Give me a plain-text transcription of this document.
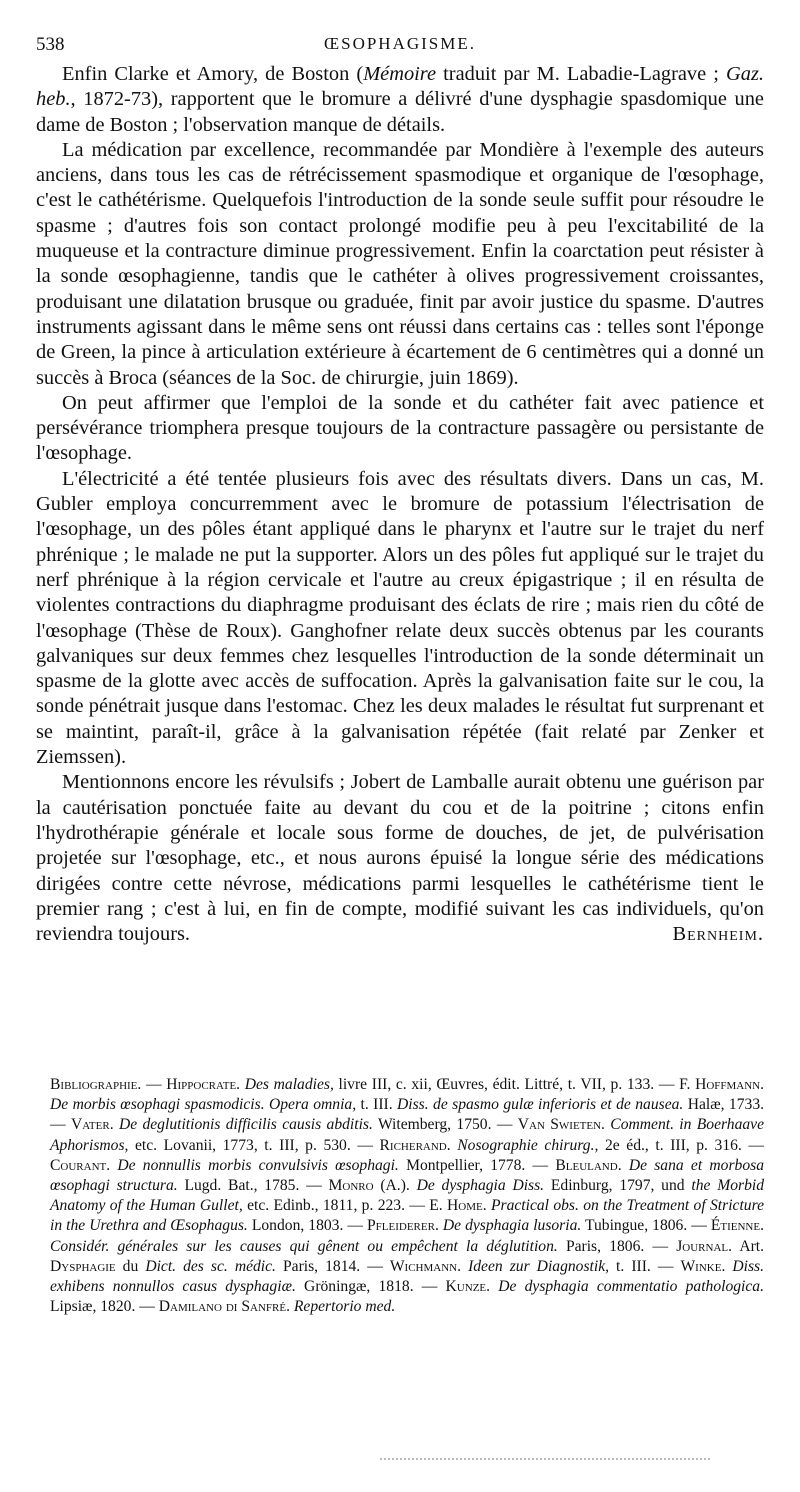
538	ŒSOPHAGISME.

Enfin Clarke et Amory, de Boston (Mémoire traduit par M. Labadie-Lagrave ; Gaz. heb., 1872-73), rapportent que le bromure a délivré d'une dysphagie spasdomique une dame de Boston ; l'observation manque de détails.

La médication par excellence, recommandée par Mondière à l'exemple des auteurs anciens, dans tous les cas de rétrécissement spasmodique et organique de l'œsophage, c'est le cathétérisme. Quelquefois l'introduction de la sonde seule suffit pour résoudre le spasme ; d'autres fois son contact prolongé modifie peu à peu l'excitabilité de la muqueuse et la contracture diminue progressivement. Enfin la coarctation peut résister à la sonde œsophagienne, tandis que le cathéter à olives progressivement croissantes, produisant une dilatation brusque ou graduée, finit par avoir justice du spasme. D'autres instruments agissant dans le même sens ont réussi dans certains cas : telles sont l'éponge de Green, la pince à articulation extérieure à écartement de 6 centimètres qui a donné un succès à Broca (séances de la Soc. de chirurgie, juin 1869).

On peut affirmer que l'emploi de la sonde et du cathéter fait avec patience et persévérance triomphera presque toujours de la contracture passagère ou persistante de l'œsophage.

L'électricité a été tentée plusieurs fois avec des résultats divers. Dans un cas, M. Gubler employa concurremment avec le bromure de potassium l'électrisation de l'œsophage, un des pôles étant appliqué dans le pharynx et l'autre sur le trajet du nerf phrénique ; le malade ne put la supporter. Alors un des pôles fut appliqué sur le trajet du nerf phrénique à la région cervicale et l'autre au creux épigastrique ; il en résulta de violentes contractions du diaphragme produisant des éclats de rire ; mais rien du côté de l'œsophage (Thèse de Roux). Ganghofner relate deux succès obtenus par les courants galvaniques sur deux femmes chez lesquelles l'introduction de la sonde déterminait un spasme de la glotte avec accès de suffocation. Après la galvanisation faite sur le cou, la sonde pénétrait jusque dans l'estomac. Chez les deux malades le résultat fut surprenant et se maintint, paraît-il, grâce à la galvanisation répétée (fait relaté par Zenker et Ziemssen).

Mentionnons encore les révulsifs ; Jobert de Lamballe aurait obtenu une guérison par la cautérisation ponctuée faite au devant du cou et de la poitrine ; citons enfin l'hydrothérapie générale et locale sous forme de douches, de jet, de pulvérisation projetée sur l'œsophage, etc., et nous aurons épuisé la longue série des médications dirigées contre cette névrose, médications parmi lesquelles le cathétérisme tient le premier rang ; c'est à lui, en fin de compte, modifié suivant les cas individuels, qu'on reviendra toujours.	Bernheim.

Bibliographie. — Hippocrate. Des maladies, livre III, c. xii, Œuvres, édit. Littré, t. VII, p. 133. — F. Hoffmann. De morbis œsophagi spasmodicis. Opera omnia, t. III. Diss. de spasmo gulæ inferioris et de nausea. Halæ, 1733.— Vater. De deglutitionis difficilis causis abditis. Witemberg, 1750. — Van Swieten. Comment. in Boerhaave Aphorismos, etc. Lovanii, 1773, t. III, p. 530. — Richerand. Nosographie chirurg., 2e éd., t. III, p. 316. — Courant. De nonnullis morbis convulsivis œsophagi. Montpellier, 1778. — Bleuland. De sana et morbosa œsophagi structura. Lugd. Bat., 1785. — Monro (A.). De dysphagia Diss. Edinburg, 1797, und the Morbid Anatomy of the Human Gullet, etc. Edinb., 1811, p. 223. — E. Home. Practical obs. on the Treatment of Stricture in the Urethra and Œsophagus. London, 1803. — Pfleiderer. De dysphagia lusoria. Tubingue, 1806. — Étienne. Considér. générales sur les causes qui gênent ou empêchent la déglutition. Paris, 1806. — Journal. Art. Dysphagie du Dict. des sc. médic. Paris, 1814. — Wichmann. Ideen zur Diagnostik, t. III. — Winke. Diss. exhibens nonnullos casus dysphagiæ. Gröningæ, 1818. — Kunze. De dysphagia commentatio pathologica. Lipsiæ, 1820. — Damilano di Sanfré. Repertorio med.
